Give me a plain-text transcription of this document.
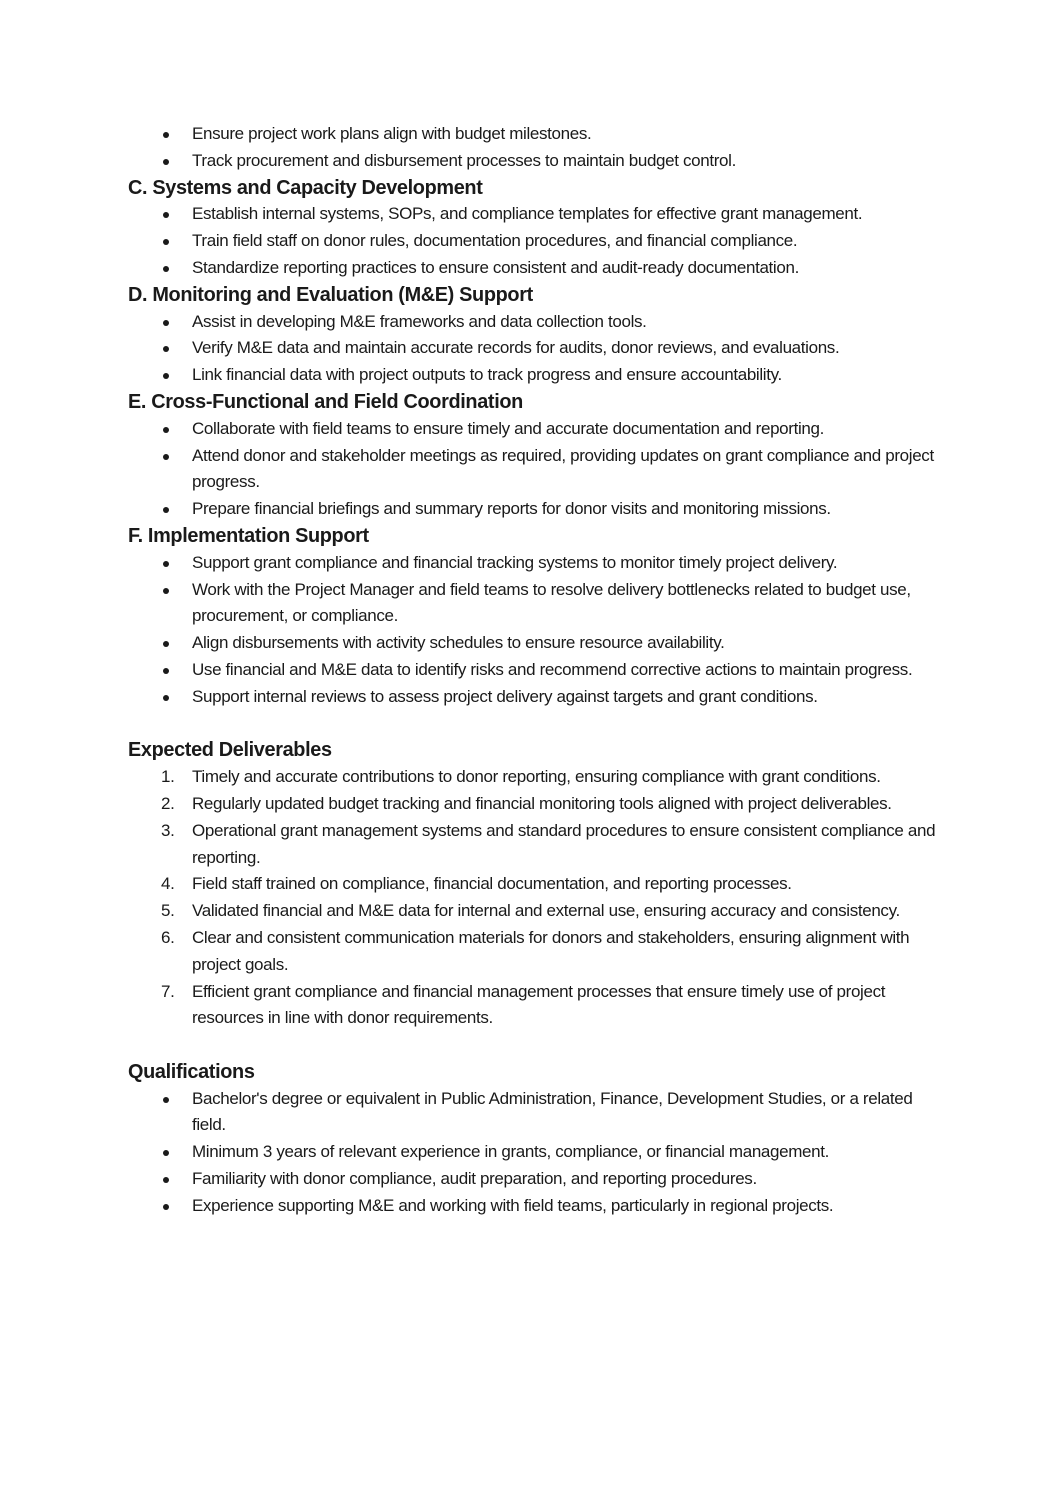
Ensure project work plans align with budget milestones.
Track procurement and disbursement processes to maintain budget control.
C. Systems and Capacity Development
Establish internal systems, SOPs, and compliance templates for effective grant management.
Train field staff on donor rules, documentation procedures, and financial compliance.
Standardize reporting practices to ensure consistent and audit-ready documentation.
D. Monitoring and Evaluation (M&E) Support
Assist in developing M&E frameworks and data collection tools.
Verify M&E data and maintain accurate records for audits, donor reviews, and evaluations.
Link financial data with project outputs to track progress and ensure accountability.
E. Cross-Functional and Field Coordination
Collaborate with field teams to ensure timely and accurate documentation and reporting.
Attend donor and stakeholder meetings as required, providing updates on grant compliance and project progress.
Prepare financial briefings and summary reports for donor visits and monitoring missions.
F. Implementation Support
Support grant compliance and financial tracking systems to monitor timely project delivery.
Work with the Project Manager and field teams to resolve delivery bottlenecks related to budget use, procurement, or compliance.
Align disbursements with activity schedules to ensure resource availability.
Use financial and M&E data to identify risks and recommend corrective actions to maintain progress.
Support internal reviews to assess project delivery against targets and grant conditions.
Expected Deliverables
1. Timely and accurate contributions to donor reporting, ensuring compliance with grant conditions.
2. Regularly updated budget tracking and financial monitoring tools aligned with project deliverables.
3. Operational grant management systems and standard procedures to ensure consistent compliance and reporting.
4. Field staff trained on compliance, financial documentation, and reporting processes.
5. Validated financial and M&E data for internal and external use, ensuring accuracy and consistency.
6. Clear and consistent communication materials for donors and stakeholders, ensuring alignment with project goals.
7. Efficient grant compliance and financial management processes that ensure timely use of project resources in line with donor requirements.
Qualifications
Bachelor's degree or equivalent in Public Administration, Finance, Development Studies, or a related field.
Minimum 3 years of relevant experience in grants, compliance, or financial management.
Familiarity with donor compliance, audit preparation, and reporting procedures.
Experience supporting M&E and working with field teams, particularly in regional projects.
